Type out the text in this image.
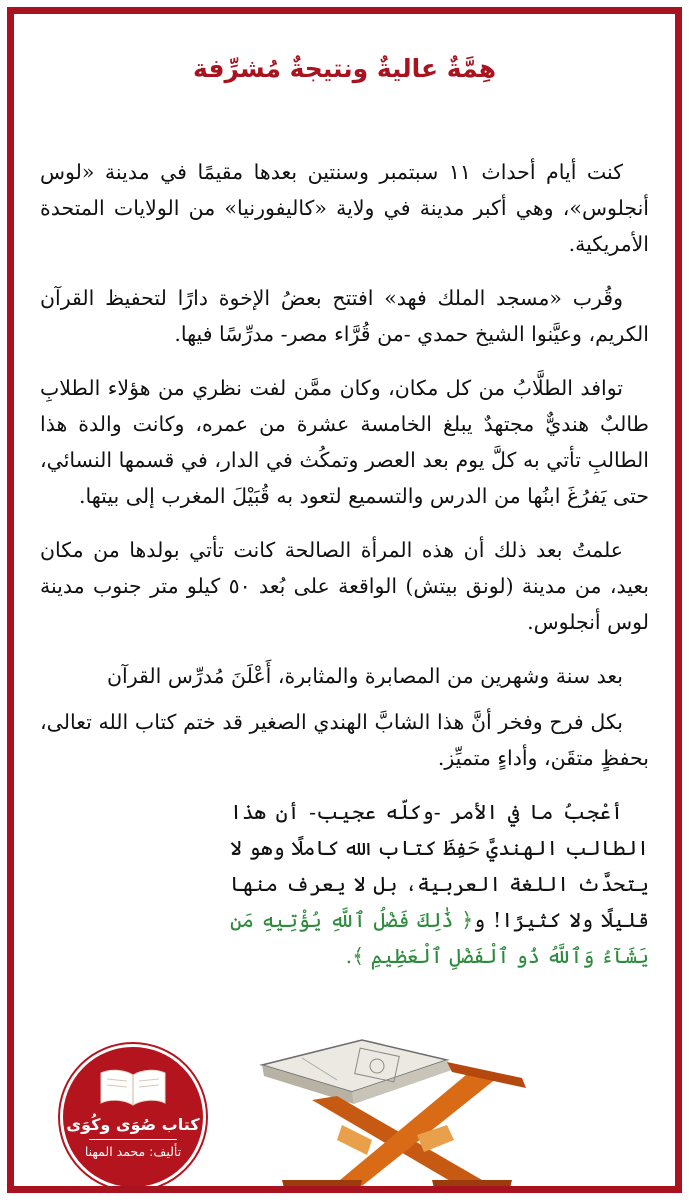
هِمَّةٌ عاليةٌ ونتيجةٌ مُشرِّفة

كنت أيام أحداث ١١ سبتمبر وسنتين بعدها مقيمًا في مدينة «لوس أنجلوس»، وهي أكبر مدينة في ولاية «كاليفورنيا» من الولايات المتحدة الأمريكية.

وقُرب «مسجد الملك فهد» افتتح بعضُ الإخوة دارًا لتحفيظ القرآن الكريم، وعيَّنوا الشيخ حمدي -من قُرَّاء مصر- مدرِّسًا فيها.

توافد الطلَّابُ من كل مكان، وكان ممَّن لفت نظري من هؤلاء الطلابِ طالبٌ هنديٌّ مجتهدٌ يبلغ الخامسة عشرة من عمره، وكانت والدة هذا الطالبِ تأتي به كلَّ يوم بعد العصر وتمكُث في الدار، في قسمها النسائي، حتى يَفرُغَ ابنُها من الدرس والتسميع لتعود به قُبَيْلَ المغرب إلى بيتها.

علمتُ بعد ذلك أن هذه المرأة الصالحة كانت تأتي بولدها من مكان بعيد، من مدينة (لونق بيتش) الواقعة على بُعد ٥٠ كيلو متر جنوب مدينة لوس أنجلوس.

بعد سنة وشهرين من المصابرة والمثابرة، أَعْلَنَ مُدرِّس القرآن

بكل فرح وفخر أنَّ هذا الشابَّ الهندي الصغير قد ختم كتاب الله تعالى، بحفظٍ متقَن، وأداءٍ متميِّز.

أعْجبُ ما في الأمر -وكلّه عجيب- أن هذا الطالب الهنديَّ حَفِظَ كتاب الله كاملًا وهو لا يتحدَّث اللغة العربية، بل لا يعرف منها قليلًا ولا كثيرًا! و﴿ ذَٰلِكَ فَضْلُ ٱللَّهِ يُؤْتِيهِ مَن يَشَآءُ وَٱللَّهُ ذُو ٱلْفَضْلِ ٱلْعَظِيمِ ﴾.

كتاب صُوَى وكُوَى
تأليف: محمد المهنا
